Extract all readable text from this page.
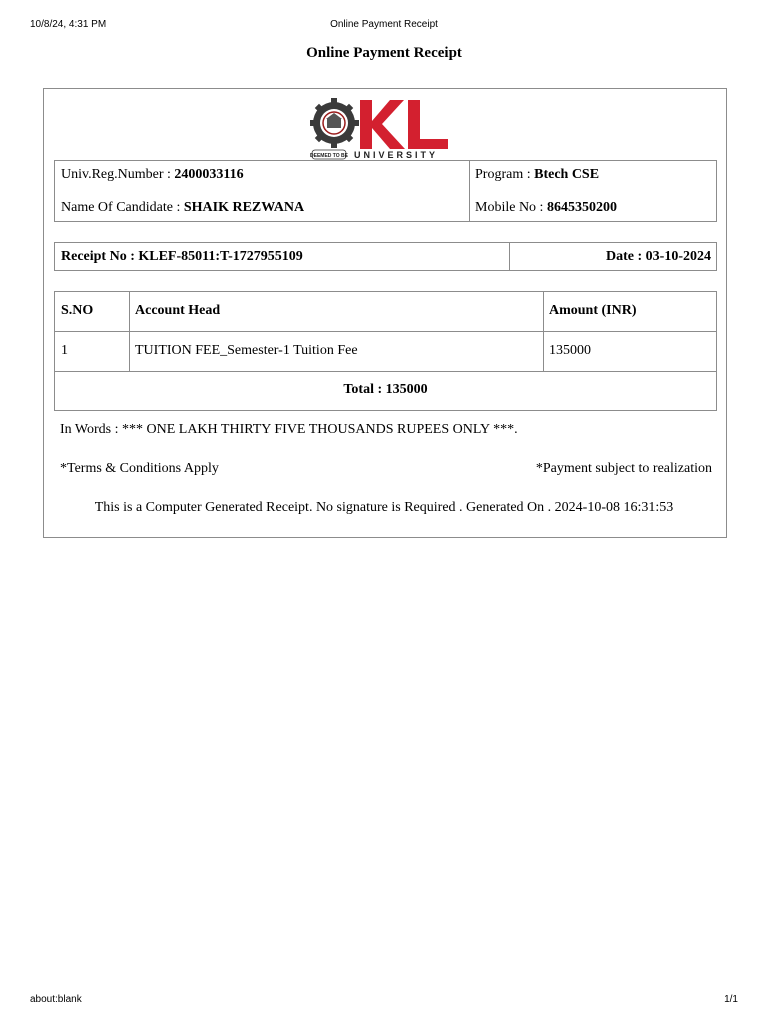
10/8/24, 4:31 PM	Online Payment Receipt
Online Payment Receipt
DEEMED TO BE UNIVERSITY
Univ.Reg.Number : 2400033116
Name Of Candidate : SHAIK REZWANA
Program : Btech CSE
Mobile No : 8645350200
Receipt No : KLEF-85011:T-1727955109	Date : 03-10-2024
S.NO	Account Head	Amount (INR)
1	TUITION FEE_Semester-1 Tuition Fee	135000
Total : 135000
In Words : *** ONE LAKH THIRTY FIVE THOUSANDS RUPEES ONLY ***.
*Terms & Conditions Apply	*Payment subject to realization
This is a Computer Generated Receipt. No signature is Required . Generated On . 2024-10-08 16:31:53
about:blank	1/1
